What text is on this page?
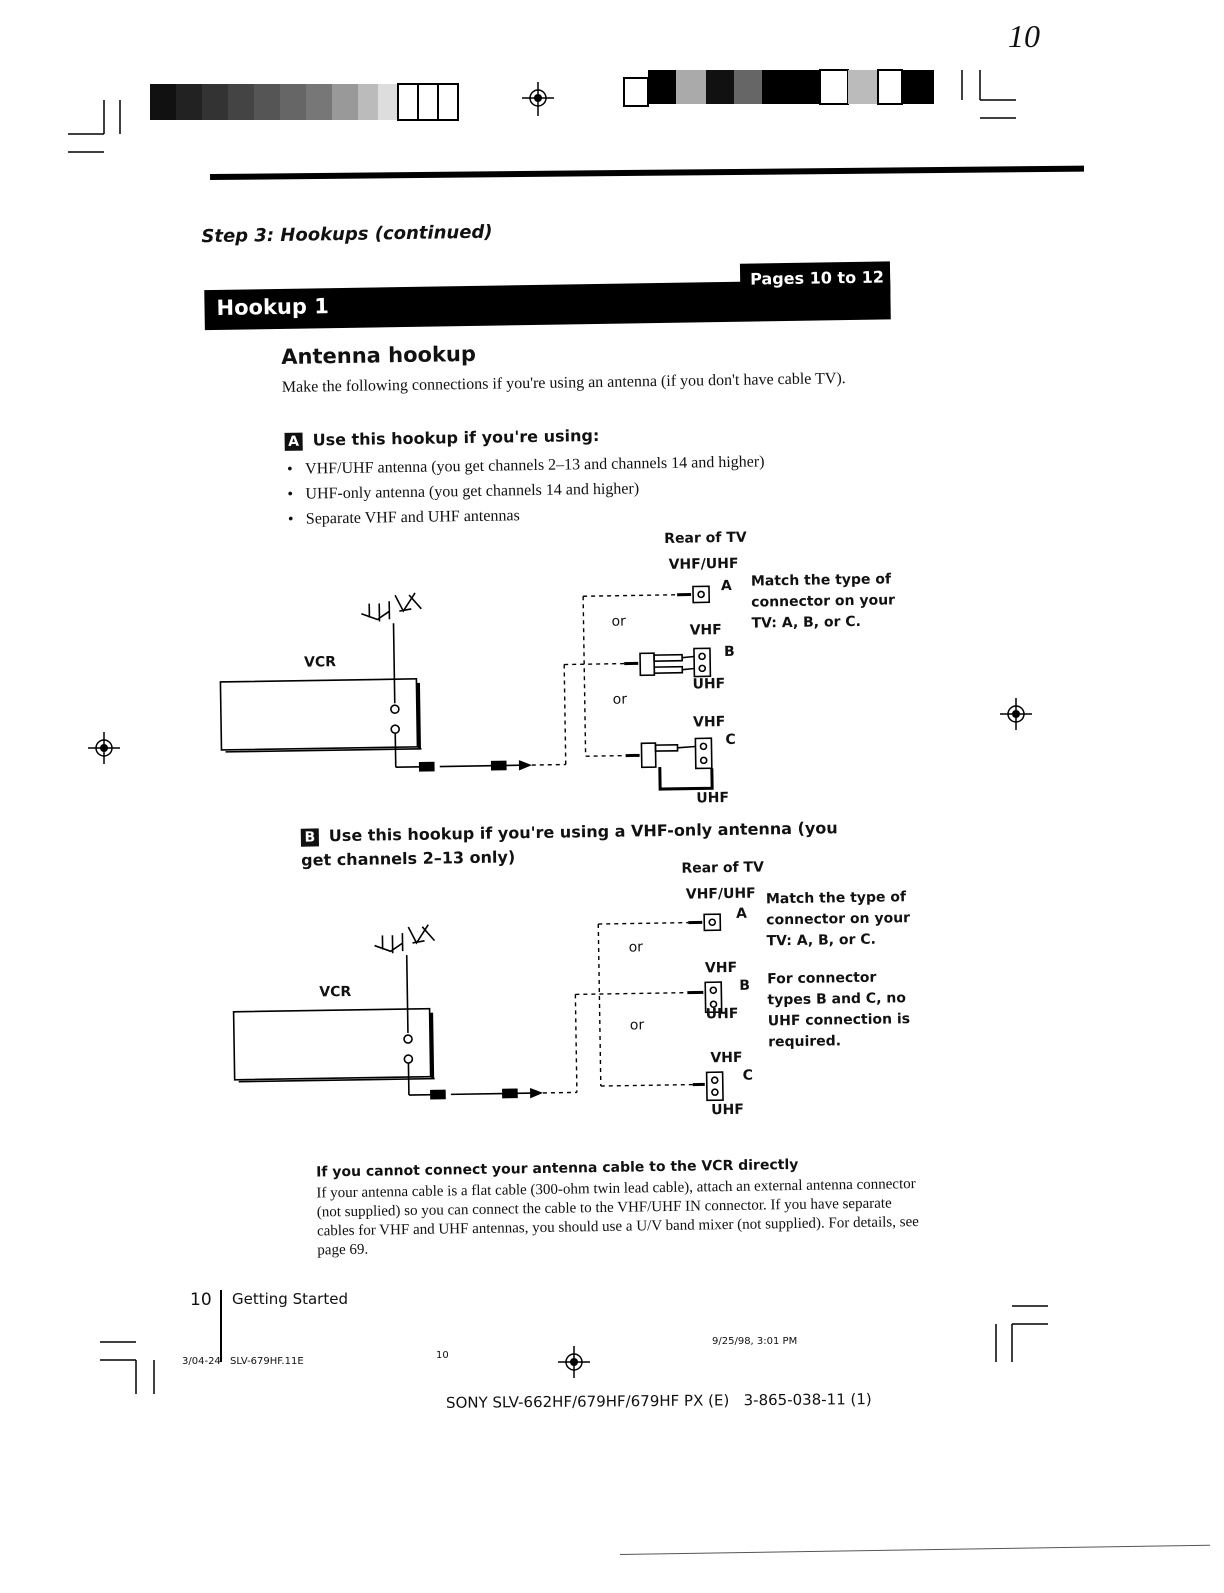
10
Step 3: Hookups (continued)
Hookup 1
Pages 10 to 12
Antenna hookup
Make the following connections if you're using an antenna (if you don't have cable TV).
A Use this hookup if you're using:
• VHF/UHF antenna (you get channels 2–13 and channels 14 and higher)
• UHF-only antenna (you get channels 14 and higher)
• Separate VHF and UHF antennas
Rear of TV
VHF/UHF
A
VCR
or
VHF
B
UHF
or
VHF
C
UHF
Match the type of connector on your TV: A, B, or C.
B Use this hookup if you're using a VHF-only antenna (you get channels 2–13 only)	Rear of TV
VHF/UHF
A
VCR
or
VHF
B
UHF
or
VHF
C
UHF
Match the type of connector on your TV: A, B, or C.
For connector types B and C, no UHF connection is required.
If you cannot connect your antenna cable to the VCR directly
If your antenna cable is a flat cable (300-ohm twin lead cable), attach an external antenna connector (not supplied) so you can connect the cable to the VHF/UHF IN connector. If you have separate cables for VHF and UHF antennas, you should use a U/V band mixer (not supplied). For details, see page 69.
10 Getting Started
3/04-24 SLV-679HF.11E
10
9/25/98, 3:01 PM
SONY SLV-662HF/679HF/679HF PX (E)   3-865-038-11 (1)
